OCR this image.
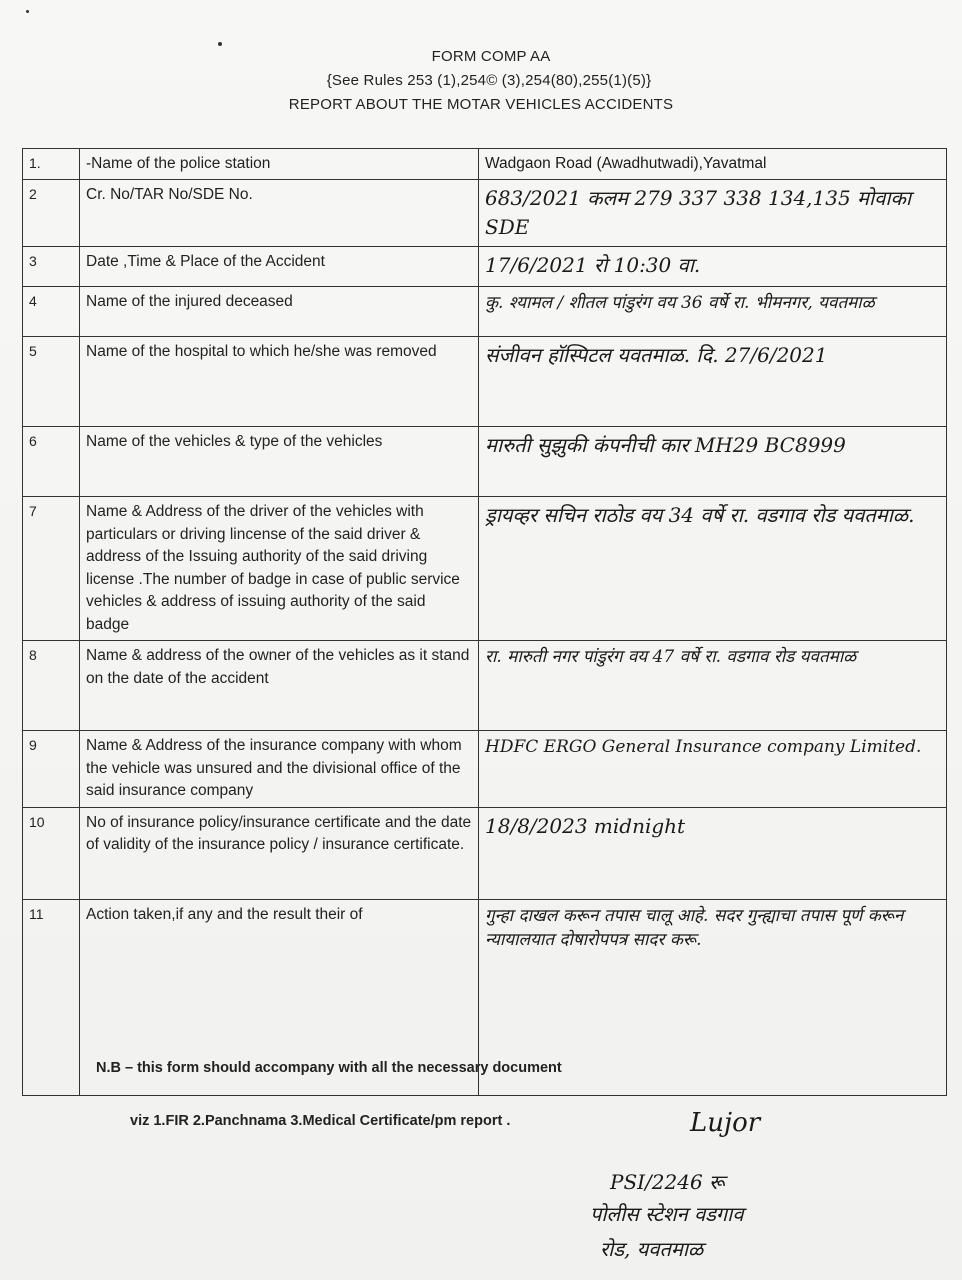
FORM COMP AA
{See Rules 253 (1),254© (3),254(80),255(1)(5)}
REPORT ABOUT THE MOTAR VEHICLES ACCIDENTS
1.	-Name of the police station	Wadgaon Road (Awadhutwadi),Yavatmal
2	Cr. No/TAR No/SDE No.	683/2021 कलम 279 337 338 134,135 मोवाका SDE
3	Date ,Time & Place of the Accident	17/6/2021 रो 10:30 वा.
4	Name of the injured deceased	कु. श्यामल / शीतल पांडुरंग वय 36 वर्षे रा. भीमनगर, यवतमाळ
5	Name of the hospital to which he/she was removed	संजीवन हॉस्पिटल यवतमाळ. दि. 27/6/2021
6	Name of the vehicles & type of the vehicles	मारुती सुझुकी कंपनीची कार MH29 BC8999
7	Name & Address of the driver of the vehicles with particulars or driving lincense of the said driver & address of the Issuing authority of the said driving license .The number of badge in case of public service vehicles & address of issuing authority of the said badge	ड्रायव्हर सचिन राठोड वय 34 वर्षे रा. वडगाव रोड यवतमाळ.
8	Name & address of the owner of the vehicles as it stand on the date of the accident	रा. मारुती नगर पांडुरंग वय 47 वर्षे रा. वडगाव रोड यवतमाळ
9	Name & Address of the insurance company with whom the vehicle was unsured and the divisional office of the said insurance company	HDFC ERGO General Insurance company Limited.
10	No of insurance policy/insurance certificate and the date of validity of the insurance policy / insurance certificate.	18/8/2023 midnight
11	Action taken,if any and the result their of	गुन्हा दाखल करून तपास चालू आहे. सदर गुन्ह्याचा तपास पूर्ण करून न्यायालयात दोषारोपपत्र सादर करू.
N.B – this form should accompany with all the necessary document
viz 1.FIR 2.Panchnama 3.Medical Certificate/pm report .	Lujor
PSI/2246 रू
पोलीस स्टेशन वडगाव
रोड, यवतमाळ
